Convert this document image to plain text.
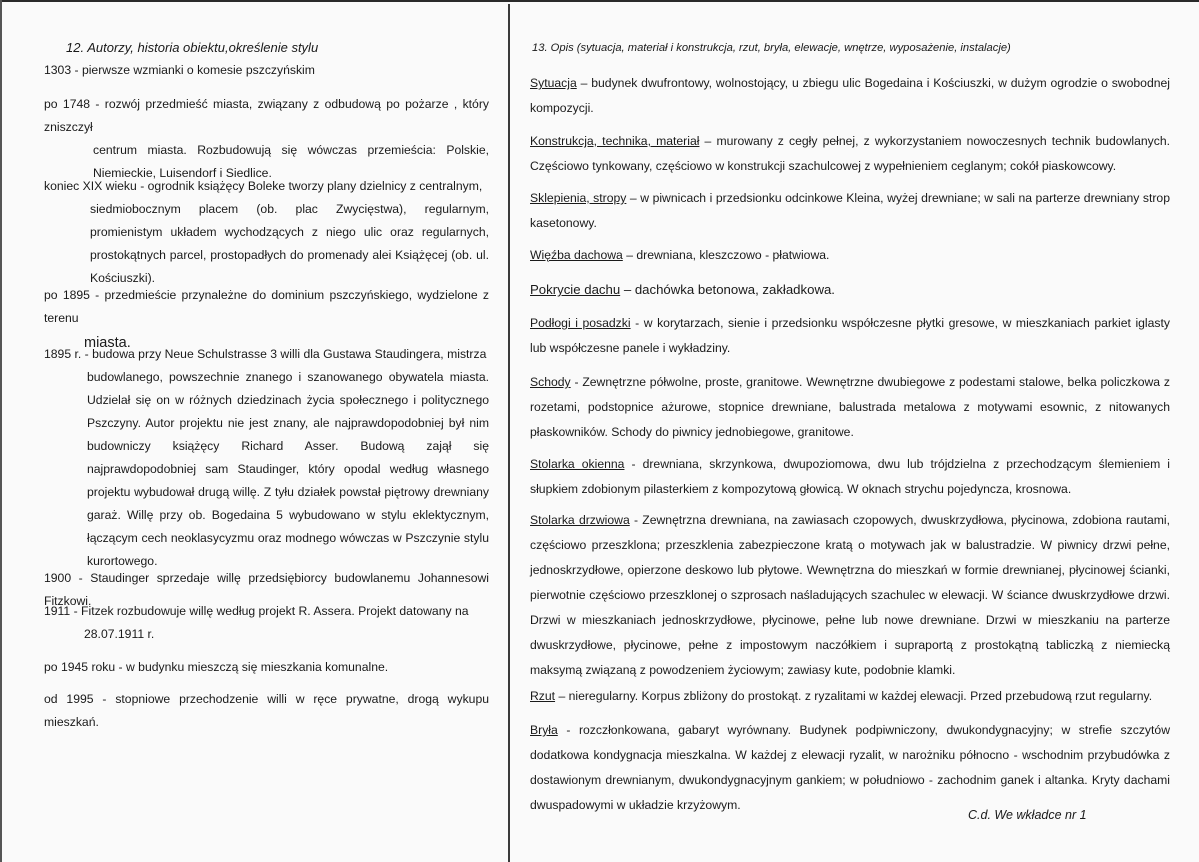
12. Autorzy, historia obiektu,określenie stylu
1303 - pierwsze wzmianki o komesie pszczyńskim
po 1748 - rozwój przedmieść miasta, związany z odbudową po pożarze , który zniszczył
centrum miasta. Rozbudowują się wówczas przemieścia: Polskie, Niemieckie, Luisendorf i Siedlice.
koniec XIX wieku - ogrodnik książęcy Boleke tworzy plany dzielnicy z centralnym,
siedmiobocznym placem (ob. plac Zwycięstwa), regularnym, promienistym układem wychodzących z niego ulic oraz regularnych, prostokątnych parcel, prostopadłych do promenady alei Książęcej (ob. ul. Kościuszki).
po 1895 - przedmieście przynależne do dominium pszczyńskiego, wydzielone z terenu
miasta.
1895 r. - budowa przy Neue Schulstrasse 3 willi dla Gustawa Staudingera, mistrza
budowlanego, powszechnie znanego i szanowanego obywatela miasta. Udzielał się on w różnych dziedzinach życia społecznego i politycznego Pszczyny. Autor projektu nie jest znany, ale najprawdopodobniej był nim budowniczy książęcy Richard Asser. Budową zajął się najprawdopodobniej sam Staudinger, który opodal według własnego projektu wybudował drugą willę. Z tyłu działek powstał piętrowy drewniany garaż. Willę przy ob. Bogedaina 5 wybudowano w stylu eklektycznym, łączącym cech neoklasycyzmu oraz modnego wówczas w Pszczynie stylu kurortowego.
1900 - Staudinger sprzedaje willę przedsiębiorcy budowlanemu Johannesowi Fitzkowi.
1911 - Fitzek rozbudowuje willę według projekt R. Assera. Projekt datowany na
28.07.1911 r.
po 1945 roku - w budynku mieszczą się mieszkania komunalne.
od 1995 - stopniowe przechodzenie willi w ręce prywatne, drogą wykupu mieszkań.
13. Opis (sytuacja, materiał i konstrukcja, rzut, bryła, elewacje, wnętrze, wyposażenie, instalacje)
Sytuacja – budynek dwufrontowy, wolnostojący, u zbiegu ulic Bogedaina i Kościuszki, w dużym ogrodzie o swobodnej kompozycji.
Konstrukcja, technika, materiał – murowany z cegły pełnej, z wykorzystaniem nowoczesnych technik budowlanych. Częściowo tynkowany, częściowo w konstrukcji szachulcowej z wypełnieniem ceglanym; cokół piaskowcowy.
Sklepienia, stropy – w piwnicach i przedsionku odcinkowe Kleina, wyżej drewniane; w sali na parterze drewniany strop kasetonowy.
Więźba dachowa – drewniana, kleszczowo - płatwiowa.
Pokrycie dachu – dachówka betonowa, zakładkowa.
Podłogi i posadzki - w korytarzach, sienie i przedsionku współczesne płytki gresowe, w mieszkaniach parkiet iglasty lub współczesne panele i wykładziny.
Schody - Zewnętrzne półwolne, proste, granitowe. Wewnętrzne dwubiegowe z podestami stalowe, belka policzkowa z rozetami, podstopnice ażurowe, stopnice drewniane, balustrada metalowa z motywami esownic, z nitowanych płaskowników. Schody do piwnicy jednobiegowe, granitowe.
Stolarka okienna - drewniana, skrzynkowa, dwupoziomowa, dwu lub trójdzielna z przechodzącym ślemieniem i słupkiem zdobionym pilasterkiem z kompozytową głowicą. W oknach strychu pojedyncza, krosnowa.
Stolarka drzwiowa - Zewnętrzna drewniana, na zawiasach czopowych, dwuskrzydłowa, płycinowa, zdobiona rautami, częściowo przeszklona; przeszklenia zabezpieczone kratą o motywach jak w balustradzie. W piwnicy drzwi pełne, jednoskrzydłowe, opierzone deskowo lub płytowe. Wewnętrzna do mieszkań w formie drewnianej, płycinowej ścianki, pierwotnie częściowo przeszklonej o szprosach naśladujących szachulec w elewacji. W ściance dwuskrzydłowe drzwi. Drzwi w mieszkaniach jednoskrzydłowe, płycinowe, pełne lub nowe drewniane. Drzwi w mieszkaniu na parterze dwuskrzydłowe, płycinowe, pełne z impostowym naczółkiem i supraportą z prostokątną tabliczką z niemiecką maksymą związaną z powodzeniem życiowym; zawiasy kute, podobnie klamki.
Rzut – nieregularny. Korpus zbliżony do prostokąt. z ryzalitami w każdej elewacji. Przed przebudową rzut regularny.
Bryła - rozczłonkowana, gabaryt wyrównany. Budynek podpiwniczony, dwukondygnacyjny; w strefie szczytów dodatkowa kondygnacja mieszkalna. W każdej z elewacji ryzalit, w narożniku północno - wschodnim przybudówka z dostawionym drewnianym, dwukondygnacyjnym gankiem; w południowo - zachodnim ganek i altanka. Kryty dachami dwuspadowymi w układzie krzyżowym.
C.d. We wkładce nr 1
